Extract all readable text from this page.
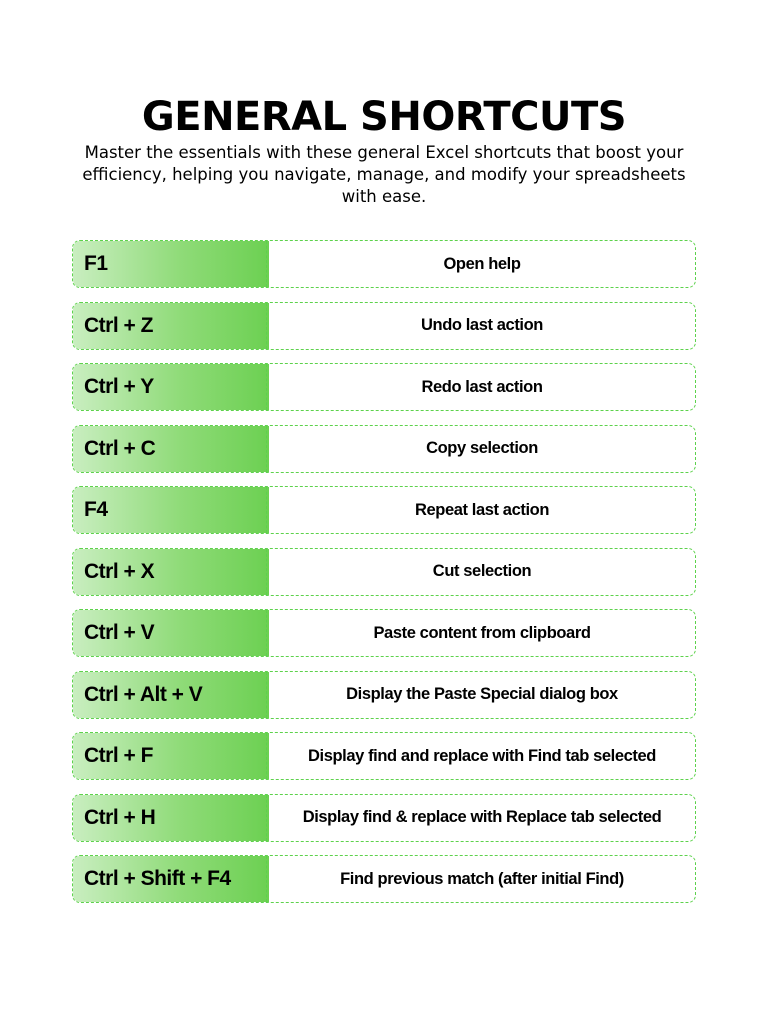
GENERAL SHORTCUTS
Master the essentials with these general Excel shortcuts that boost your efficiency, helping you navigate, manage, and modify your spreadsheets with ease.
F1	Open help
Ctrl + Z	Undo last action
Ctrl + Y	Redo last action
Ctrl + C	Copy selection
F4	Repeat last action
Ctrl + X	Cut selection
Ctrl + V	Paste content from clipboard
Ctrl + Alt + V	Display the Paste Special dialog box
Ctrl + F	Display find and replace with Find tab selected
Ctrl + H	Display find & replace with Replace tab selected
Ctrl + Shift + F4	Find previous match (after initial Find)
